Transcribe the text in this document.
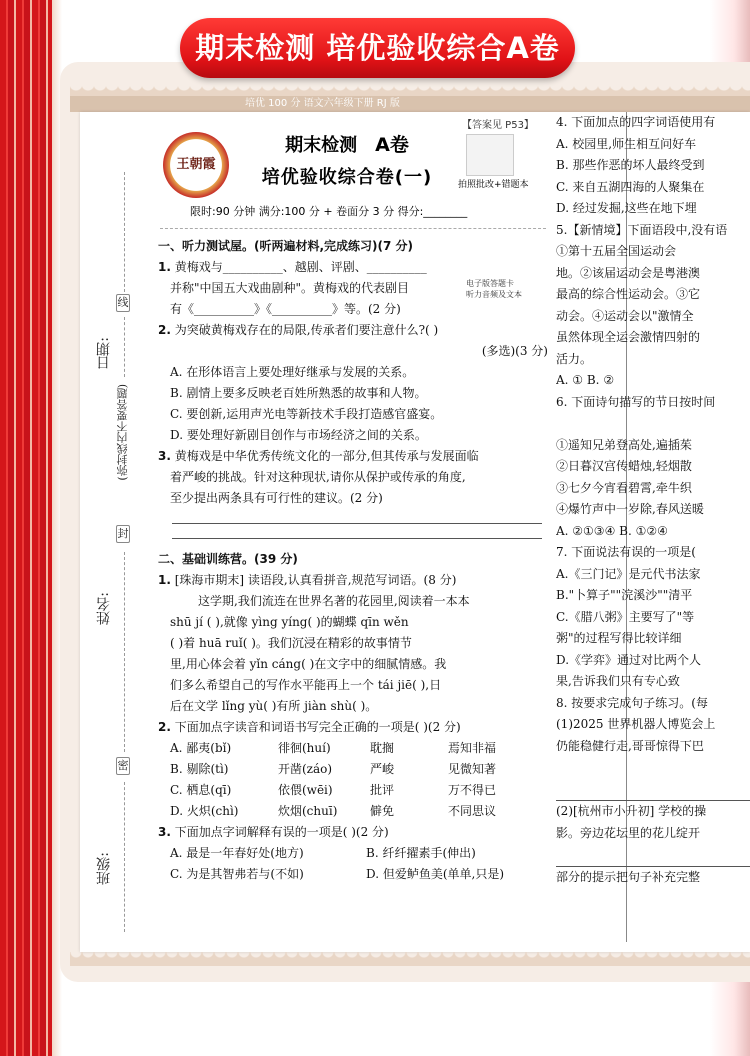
培优 100 分 语文六年级下册 RJ 版
期末检测 培优验收综合A卷
日期:
线
(弥封线内不要答题)
封
姓名:
密
班级:
【答案见 P53】
王朝霞
期末检测 A卷
培优验收综合卷(一)	拍照批改+错题本
限时:90 分钟 满分:100 分 + 卷面分 3 分 得分:________
电子版答题卡
听力音频及文本

一、听力测试屋。(听两遍材料,完成练习)(7 分)

1. 黄梅戏与__________、越剧、评剧、__________

并称"中国五大戏曲剧种"。黄梅戏的代表剧目

有《__________》《__________》等。(2 分)

2. 为突破黄梅戏存在的局限,传承者们要注意什么?( )

(多选)(3 分)

A. 在形体语言上要处理好继承与发展的关系。

B. 剧情上要多反映老百姓所熟悉的故事和人物。

C. 要创新,运用声光电等新技术手段打造感官盛宴。

D. 要处理好新剧目创作与市场经济之间的关系。

3. 黄梅戏是中华优秀传统文化的一部分,但其传承与发展面临

着严峻的挑战。针对这种现状,请你从保护或传承的角度,

至少提出两条具有可行性的建议。(2 分)

二、基础训练营。(39 分)

1. [珠海市期末] 读语段,认真看拼音,规范写词语。(8 分)

这学期,我们流连在世界名著的花园里,阅读着一本本

shū jí ( ),就像 yìng yíng( )的蝴蝶 qīn wěn

( )着 huā ruǐ( )。我们沉浸在精彩的故事情节

里,用心体会着 yǐn cáng( )在文字中的细腻情感。我

们多么希望自己的写作水平能再上一个 tái jiē( ),日

后在文学 lǐng yù( )有所 jiàn shù( )。

2. 下面加点字读音和词语书写完全正确的一项是( )(2 分)

A. 鄙夷(bǐ)	徘徊(huí)	耽搁	焉知非福
B. 剔除(tì)	开凿(záo)	严峻	见微知著
C. 栖息(qī)	依偎(wēi)	批评	万不得已
D. 火炽(chì)	炊烟(chuī)	僻免	不同思议

3. 下面加点字词解释有误的一项是( )(2 分)

A. 最是一年春好处(地方)	B. 纤纤擢素手(伸出)
C. 为是其智弗若与(不如)	D. 但爱鲈鱼美(单单,只是)

4. 下面加点的四字词语使用有

A. 校园里,师生相互问好车

B. 那些作恶的坏人最终受到

C. 来自五湖四海的人聚集在

D. 经过发掘,这些在地下埋

5.【新情境】下面语段中,没有语

①第十五届全国运动会

地。②该届运动会是粤港澳

最高的综合性运动会。③它

动会。④运动会以"激情全

虽然体现全运会激情四射的

活力。

A. ① B. ②

6. 下面诗句描写的节日按时间

①遥知兄弟登高处,遍插茱

②日暮汉宫传蜡烛,轻烟散

③七夕今宵看碧霄,牵牛织

④爆竹声中一岁除,春风送暖

A. ②①③④ B. ①②④

7. 下面说法有误的一项是(

A.《三门记》是元代书法家

B."卜算子""浣溪沙""清平

C.《腊八粥》主要写了"等

粥"的过程写得比较详细

D.《学弈》通过对比两个人

果,告诉我们只有专心致

8. 按要求完成句子练习。(每

(1)2025 世界机器人博览会上

仍能稳健行走,哥哥惊得下巴

(2)[杭州市小升初] 学校的操

影。旁边花坛里的花儿绽开

部分的提示把句子补充完整
